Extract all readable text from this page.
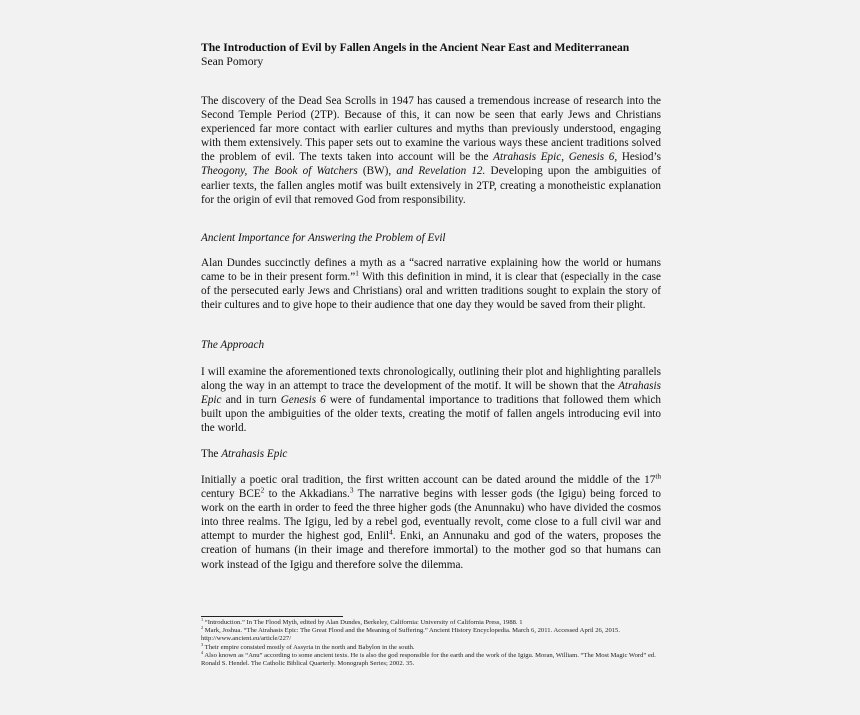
The Introduction of Evil by Fallen Angels in the Ancient Near East and Mediterranean
Sean Pomory
The discovery of the Dead Sea Scrolls in 1947 has caused a tremendous increase of research into the Second Temple Period (2TP). Because of this, it can now be seen that early Jews and Christians experienced far more contact with earlier cultures and myths than previously understood, engaging with them extensively. This paper sets out to examine the various ways these ancient traditions solved the problem of evil. The texts taken into account will be the Atrahasis Epic, Genesis 6, Hesiod’s Theogony, The Book of Watchers (BW), and Revelation 12. Developing upon the ambiguities of earlier texts, the fallen angles motif was built extensively in 2TP, creating a monotheistic explanation for the origin of evil that removed God from responsibility.
Ancient Importance for Answering the Problem of Evil
Alan Dundes succinctly defines a myth as a “sacred narrative explaining how the world or humans came to be in their present form.”$^1$ With this definition in mind, it is clear that (especially in the case of the persecuted early Jews and Christians) oral and written traditions sought to explain the story of their cultures and to give hope to their audience that one day they would be saved from their plight.
The Approach
I will examine the aforementioned texts chronologically, outlining their plot and highlighting parallels along the way in an attempt to trace the development of the motif. It will be shown that the Atrahasis Epic and in turn Genesis 6 were of fundamental importance to traditions that followed them which built upon the ambiguities of the older texts, creating the motif of fallen angels introducing evil into the world.
The Atrahasis Epic
Initially a poetic oral tradition, the first written account can be dated around the middle of the 17th century BCE$^2$ to the Akkadians.$^3$ The narrative begins with lesser gods (the Igigu) being forced to work on the earth in order to feed the three higher gods (the Anunnaku) who have divided the cosmos into three realms. The Igigu, led by a rebel god, eventually revolt, come close to a full civil war and attempt to murder the highest god, Enlil$^4$. Enki, an Annunaku and god of the waters, proposes the creation of humans (in their image and therefore immortal) to the mother god so that humans can work instead of the Igigu and therefore solve the dilemma.
$^1$ “Introduction.” In The Flood Myth, edited by Alan Dundes, Berkeley, California: University of California Press, 1988. 1
$^2$ Mark, Joshua. “The Atrahasis Epic: The Great Flood and the Meaning of Suffering.” Ancient History Encyclopedia. March 6, 2011. Accessed April 26, 2015. http://www.ancient.eu/article/227/
$^3$ Their empire consisted mostly of Assyria in the north and Babylon in the south.
$^4$ Also known as “Anu” according to some ancient texts. He is also the god responsible for the earth and the work of the Igigu. Moran, William. “The Most Magic Word” ed. Ronald S. Hendel. The Catholic Biblical Quarterly. Monograph Series; 2002. 35.
